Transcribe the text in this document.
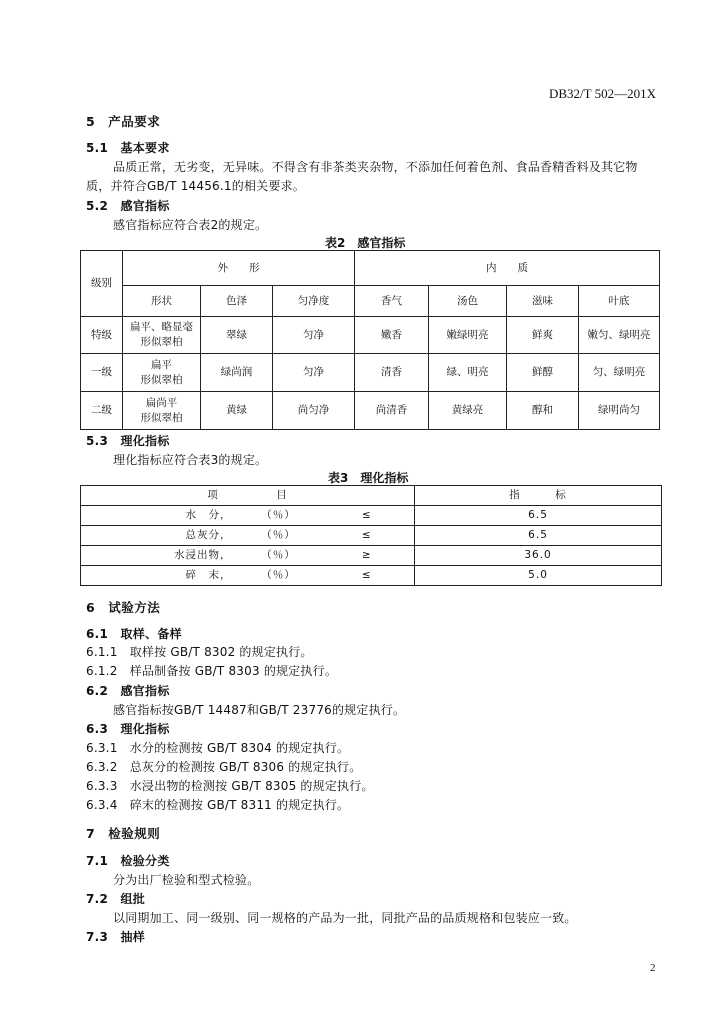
DB32/T 502—201X
5　产品要求
5.1　基本要求
品质正常，无劣变，无异味。不得含有非茶类夹杂物，不添加任何着色剂、食品香精香料及其它物
质，并符合GB/T 14456.1的相关要求。
5.2　感官指标
感官指标应符合表2的规定。
表2　感官指标
级别	外　　形			内　　质			
	形状	色泽	匀净度	香气	汤色	滋味	叶底
特级	扁平、略显毫
形似翠柏	翠绿	匀净	嫩香	嫩绿明亮	鲜爽	嫩匀、绿明亮
一级	扁平
形似翠柏	绿尚润	匀净	清香	绿、明亮	鲜醇	匀、绿明亮
二级	扁尚平
形似翠柏	黄绿	尚匀净	尚清香	黄绿亮	醇和	绿明尚匀
5.3　理化指标
理化指标应符合表3的规定。
表3　理化指标
项　　　　　目			指　　　标
水　分，	（％）	≤	6.5
总灰分，	（％）	≤	6.5
水浸出物，	（％）	≥	36.0
碎　末，	（％）	≤	5.0
6　试验方法
6.1　取样、备样
6.1.1　取样按 GB/T 8302 的规定执行。
6.1.2　样品制备按 GB/T 8303 的规定执行。
6.2　感官指标
感官指标按GB/T 14487和GB/T 23776的规定执行。
6.3　理化指标
6.3.1　水分的检测按 GB/T 8304 的规定执行。
6.3.2　总灰分的检测按 GB/T 8306 的规定执行。
6.3.3　水浸出物的检测按 GB/T 8305 的规定执行。
6.3.4　碎末的检测按 GB/T 8311 的规定执行。
7　检验规则
7.1　检验分类
分为出厂检验和型式检验。
7.2　组批
以同期加工、同一级别、同一规格的产品为一批，同批产品的品质规格和包装应一致。
7.3　抽样
2
